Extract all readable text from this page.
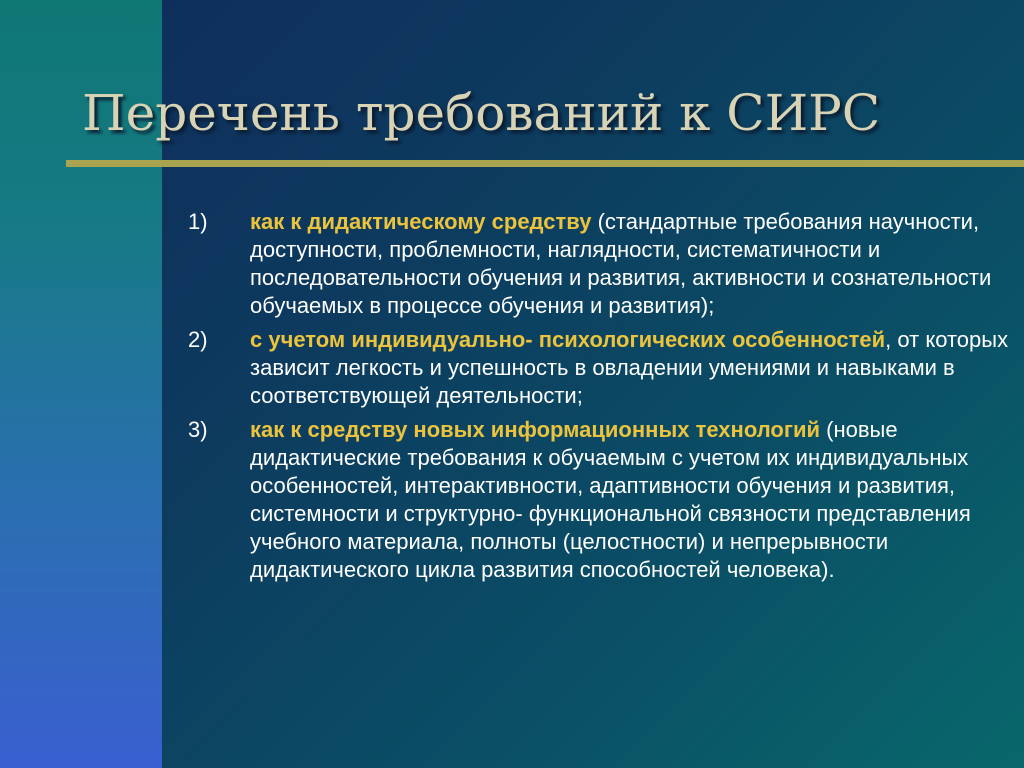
Перечень требований к СИРС
1) как к дидактическому средству (стандартные требования научности, доступности, проблемности, наглядности, систематичности и последовательности обучения и развития, активности и сознательности обучаемых в процессе обучения и развития);
2) с учетом индивидуально- психологических особенностей, от которых зависит легкость и успешность в овладении умениями и навыками в соответствующей деятельности;
3) как к средству новых информационных технологий (новые дидактические требования к обучаемым с учетом их индивидуальных особенностей, интерактивности, адаптивности обучения и развития, системности и структурно- функциональной связности представления учебного материала, полноты (целостности) и непрерывности дидактического цикла развития способностей человека).
